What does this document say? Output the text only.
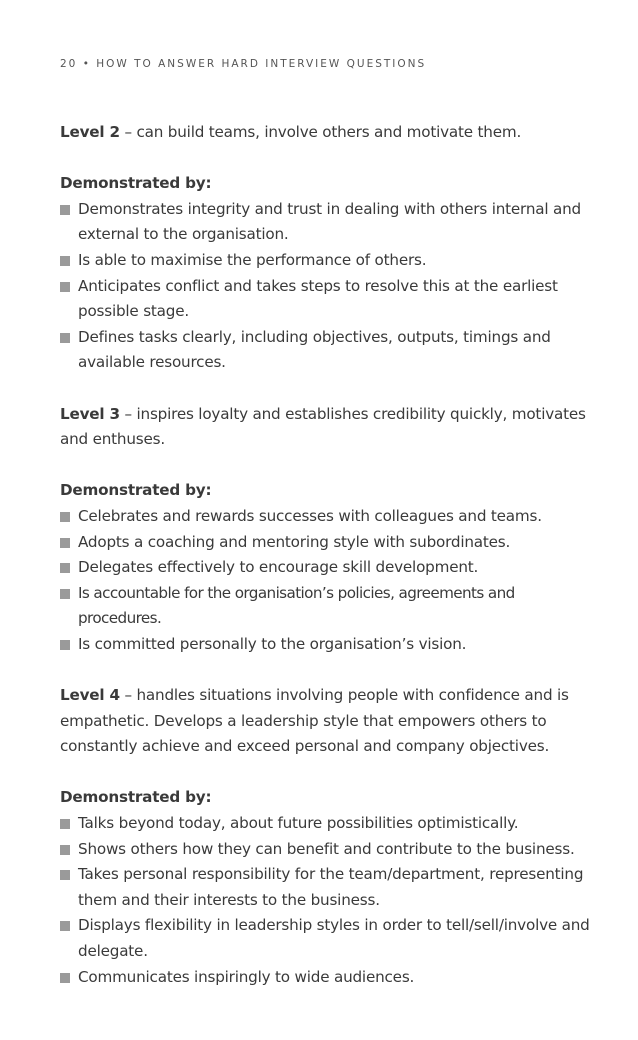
20 • HOW TO ANSWER HARD INTERVIEW QUESTIONS

Level 2 – can build teams, involve others and motivate them.

Demonstrated by:

Demonstrates integrity and trust in dealing with others internal and external to the organisation.
Is able to maximise the performance of others.
Anticipates conflict and takes steps to resolve this at the earliest possible stage.
Defines tasks clearly, including objectives, outputs, timings and available resources.

Level 3 – inspires loyalty and establishes credibility quickly, motivates and enthuses.

Demonstrated by:

Celebrates and rewards successes with colleagues and teams.
Adopts a coaching and mentoring style with subordinates.
Delegates effectively to encourage skill development.
Is accountable for the organisation’s policies, agreements and procedures.
Is committed personally to the organisation’s vision.

Level 4 – handles situations involving people with confidence and is empathetic. Develops a leadership style that empowers others to constantly achieve and exceed personal and company objectives.

Demonstrated by:

Talks beyond today, about future possibilities optimistically.
Shows others how they can benefit and contribute to the business.
Takes personal responsibility for the team/department, representing them and their interests to the business.
Displays flexibility in leadership styles in order to tell/sell/involve and delegate.
Communicates inspiringly to wide audiences.
